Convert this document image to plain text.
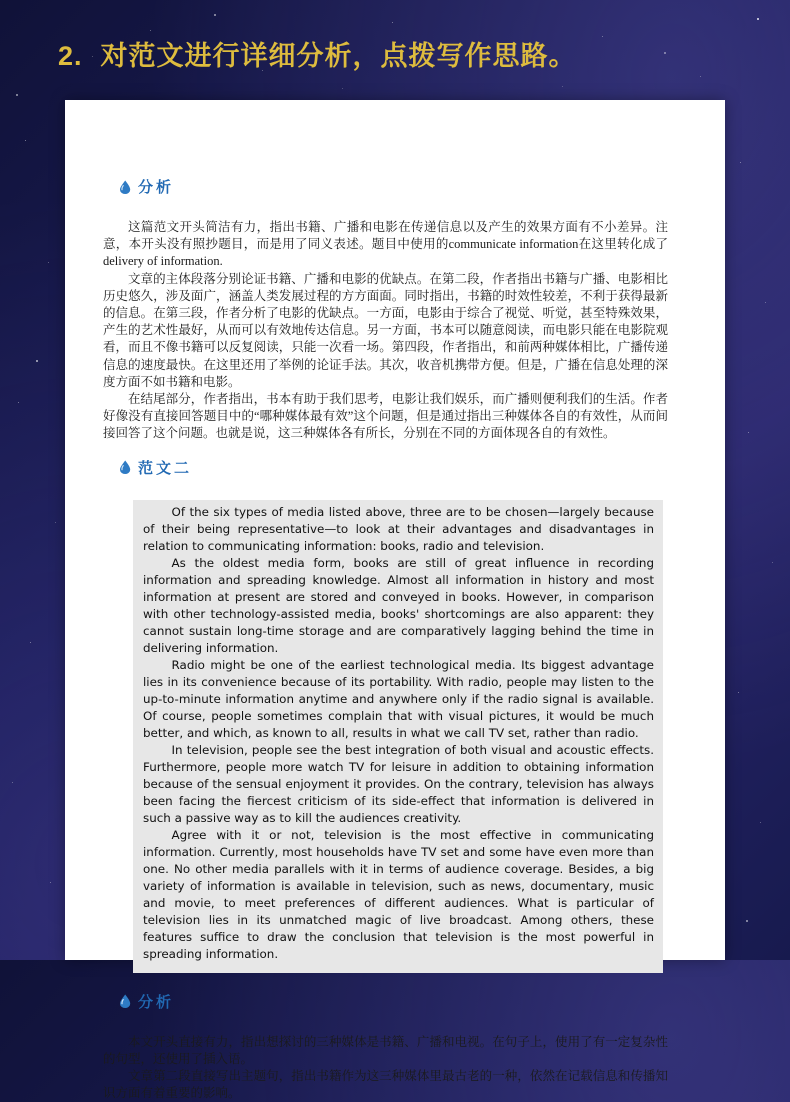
2. 对范文进行详细分析，点拨写作思路。
分析

这篇范文开头简洁有力，指出书籍、广播和电影在传递信息以及产生的效果方面有不小差异。注意，本开头没有照抄题目，而是用了同义表述。题目中使用的communicate information在这里转化成了delivery of information.

文章的主体段落分别论证书籍、广播和电影的优缺点。在第二段，作者指出书籍与广播、电影相比历史悠久，涉及面广，涵盖人类发展过程的方方面面。同时指出，书籍的时效性较差，不利于获得最新的信息。在第三段，作者分析了电影的优缺点。一方面，电影由于综合了视觉、听觉，甚至特殊效果，产生的艺术性最好，从而可以有效地传达信息。另一方面，书本可以随意阅读，而电影只能在电影院观看，而且不像书籍可以反复阅读，只能一次看一场。第四段，作者指出，和前两种媒体相比，广播传递信息的速度最快。在这里还用了举例的论证手法。其次，收音机携带方便。但是，广播在信息处理的深度方面不如书籍和电影。

在结尾部分，作者指出，书本有助于我们思考，电影让我们娱乐，而广播则便利我们的生活。作者好像没有直接回答题目中的“哪种媒体最有效”这个问题，但是通过指出三种媒体各自的有效性，从而间接回答了这个问题。也就是说，这三种媒体各有所长，分别在不同的方面体现各自的有效性。

范文二

Of the six types of media listed above, three are to be chosen—largely because of their being representative—to look at their advantages and disadvantages in relation to communicating information: books, radio and television.

As the oldest media form, books are still of great influence in recording information and spreading knowledge. Almost all information in history and most information at present are stored and conveyed in books. However, in comparison with other technology-assisted media, books' shortcomings are also apparent: they cannot sustain long-time storage and are comparatively lagging behind the time in delivering information.

Radio might be one of the earliest technological media. Its biggest advantage lies in its convenience because of its portability. With radio, people may listen to the up-to-minute information anytime and anywhere only if the radio signal is available. Of course, people sometimes complain that with visual pictures, it would be much better, and which, as known to all, results in what we call TV set, rather than radio.

In television, people see the best integration of both visual and acoustic effects. Furthermore, people more watch TV for leisure in addition to obtaining information because of the sensual enjoyment it provides. On the contrary, television has always been facing the fiercest criticism of its side-effect that information is delivered in such a passive way as to kill the audiences creativity.

Agree with it or not, television is the most effective in communicating information. Currently, most households have TV set and some have even more than one. No other media parallels with it in terms of audience coverage. Besides, a big variety of information is available in television, such as news, documentary, music and movie, to meet preferences of different audiences. What is particular of television lies in its unmatched magic of live broadcast. Among others, these features suffice to draw the conclusion that television is the most powerful in spreading information.

分析

本文开头直接有力，指出想探讨的三种媒体是书籍、广播和电视。在句子上，使用了有一定复杂性的句型，还使用了插入语。

文章第二段直接写出主题句，指出书籍作为这三种媒体里最古老的一种，依然在记载信息和传播知识方面有着重要的影响。
